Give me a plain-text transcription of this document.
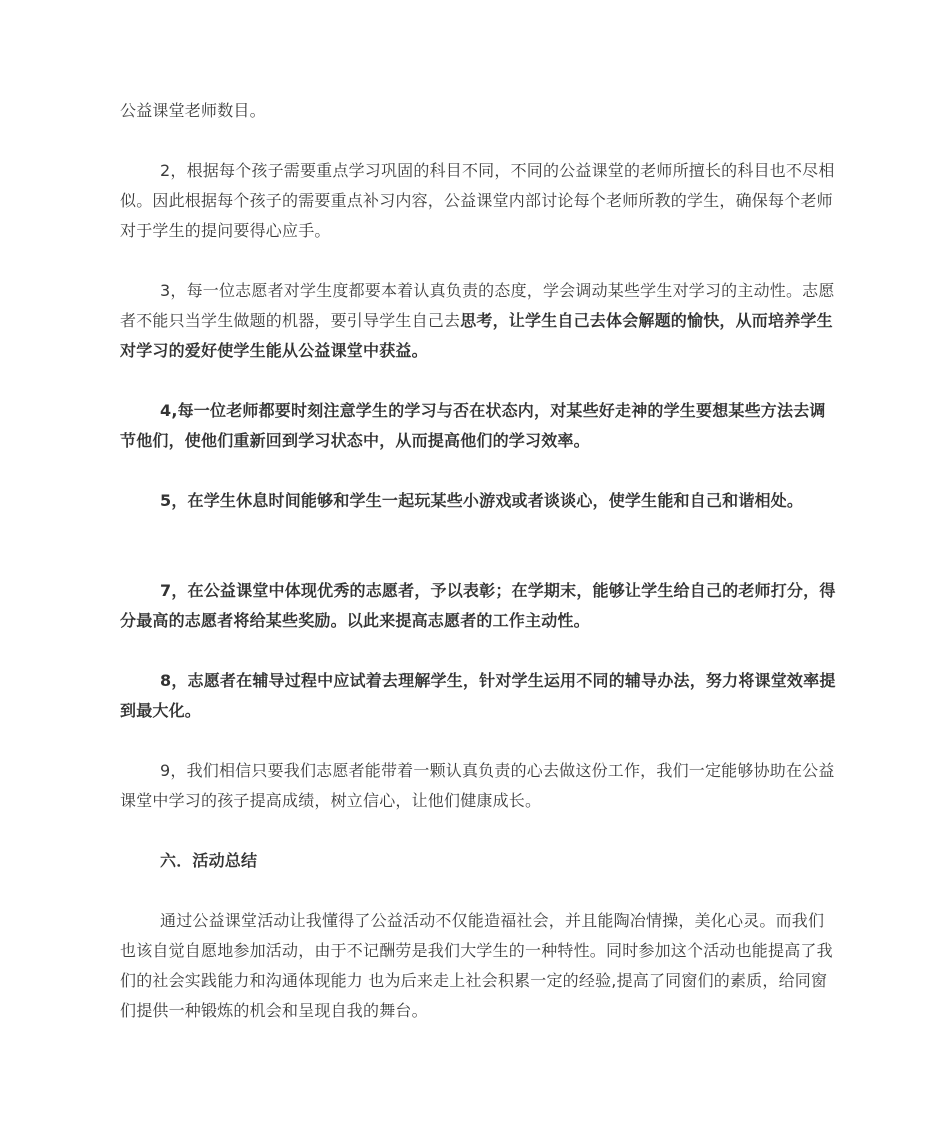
公益课堂老师数目。

2，根据每个孩子需要重点学习巩固的科目不同，不同的公益课堂的老师所擅长的科目也不尽相似。因此根据每个孩子的需要重点补习内容，公益课堂内部讨论每个老师所教的学生，确保每个老师对于学生的提问要得心应手。

3，每一位志愿者对学生度都要本着认真负责的态度，学会调动某些学生对学习的主动性。志愿者不能只当学生做题的机器，要引导学生自己去思考，让学生自己去体会解题的愉快，从而培养学生对学习的爱好使学生能从公益课堂中获益。

4,每一位老师都要时刻注意学生的学习与否在状态内，对某些好走神的学生要想某些方法去调节他们，使他们重新回到学习状态中，从而提高他们的学习效率。

5，在学生休息时间能够和学生一起玩某些小游戏或者谈谈心，使学生能和自己和谐相处。

7，在公益课堂中体现优秀的志愿者，予以表彰；在学期末，能够让学生给自己的老师打分，得分最高的志愿者将给某些奖励。以此来提高志愿者的工作主动性。

8，志愿者在辅导过程中应试着去理解学生，针对学生运用不同的辅导办法，努力将课堂效率提到最大化。

9，我们相信只要我们志愿者能带着一颗认真负责的心去做这份工作，我们一定能够协助在公益课堂中学习的孩子提高成绩，树立信心，让他们健康成长。

六．活动总结

通过公益课堂活动让我懂得了公益活动不仅能造福社会，并且能陶冶情操，美化心灵。而我们也该自觉自愿地参加活动，由于不记酬劳是我们大学生的一种特性。同时参加这个活动也能提高了我们的社会实践能力和沟通体现能力 也为后来走上社会积累一定的经验,提高了同窗们的素质，给同窗们提供一种锻炼的机会和呈现自我的舞台。
